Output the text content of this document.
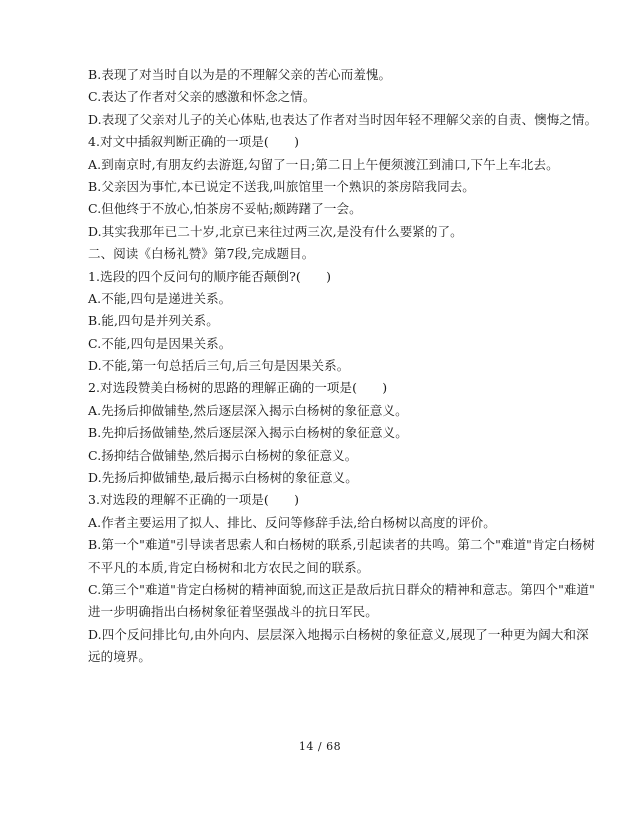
B.表现了对当时自以为是的不理解父亲的苦心而羞愧。
C.表达了作者对父亲的感激和怀念之情。
D.表现了父亲对儿子的关心体贴,也表达了作者对当时因年轻不理解父亲的自责、懊悔之情。
4.对文中插叙判断正确的一项是(　　)
A.到南京时,有朋友约去游逛,勾留了一日;第二日上午便须渡江到浦口,下午上车北去。
B.父亲因为事忙,本已说定不送我,叫旅馆里一个熟识的茶房陪我同去。
C.但他终于不放心,怕茶房不妥帖;颇踌躇了一会。
D.其实我那年已二十岁,北京已来往过两三次,是没有什么要紧的了。
二、阅读《白杨礼赞》第7段,完成题目。
1.选段的四个反问句的顺序能否颠倒?(　　)
A.不能,四句是递进关系。
B.能,四句是并列关系。
C.不能,四句是因果关系。
D.不能,第一句总括后三句,后三句是因果关系。
2.对选段赞美白杨树的思路的理解正确的一项是(　　)
A.先扬后抑做铺垫,然后逐层深入揭示白杨树的象征意义。
B.先抑后扬做铺垫,然后逐层深入揭示白杨树的象征意义。
C.扬抑结合做铺垫,然后揭示白杨树的象征意义。
D.先扬后抑做铺垫,最后揭示白杨树的象征意义。
3.对选段的理解不正确的一项是(　　)
A.作者主要运用了拟人、排比、反问等修辞手法,给白杨树以高度的评价。
B.第一个"难道"引导读者思索人和白杨树的联系,引起读者的共鸣。第二个"难道"肯定白杨树
不平凡的本质,肯定白杨树和北方农民之间的联系。
C.第三个"难道"肯定白杨树的精神面貌,而这正是敌后抗日群众的精神和意志。第四个"难道"
进一步明确指出白杨树象征着坚强战斗的抗日军民。
D.四个反问排比句,由外向内、层层深入地揭示白杨树的象征意义,展现了一种更为阔大和深
远的境界。
14 / 68
